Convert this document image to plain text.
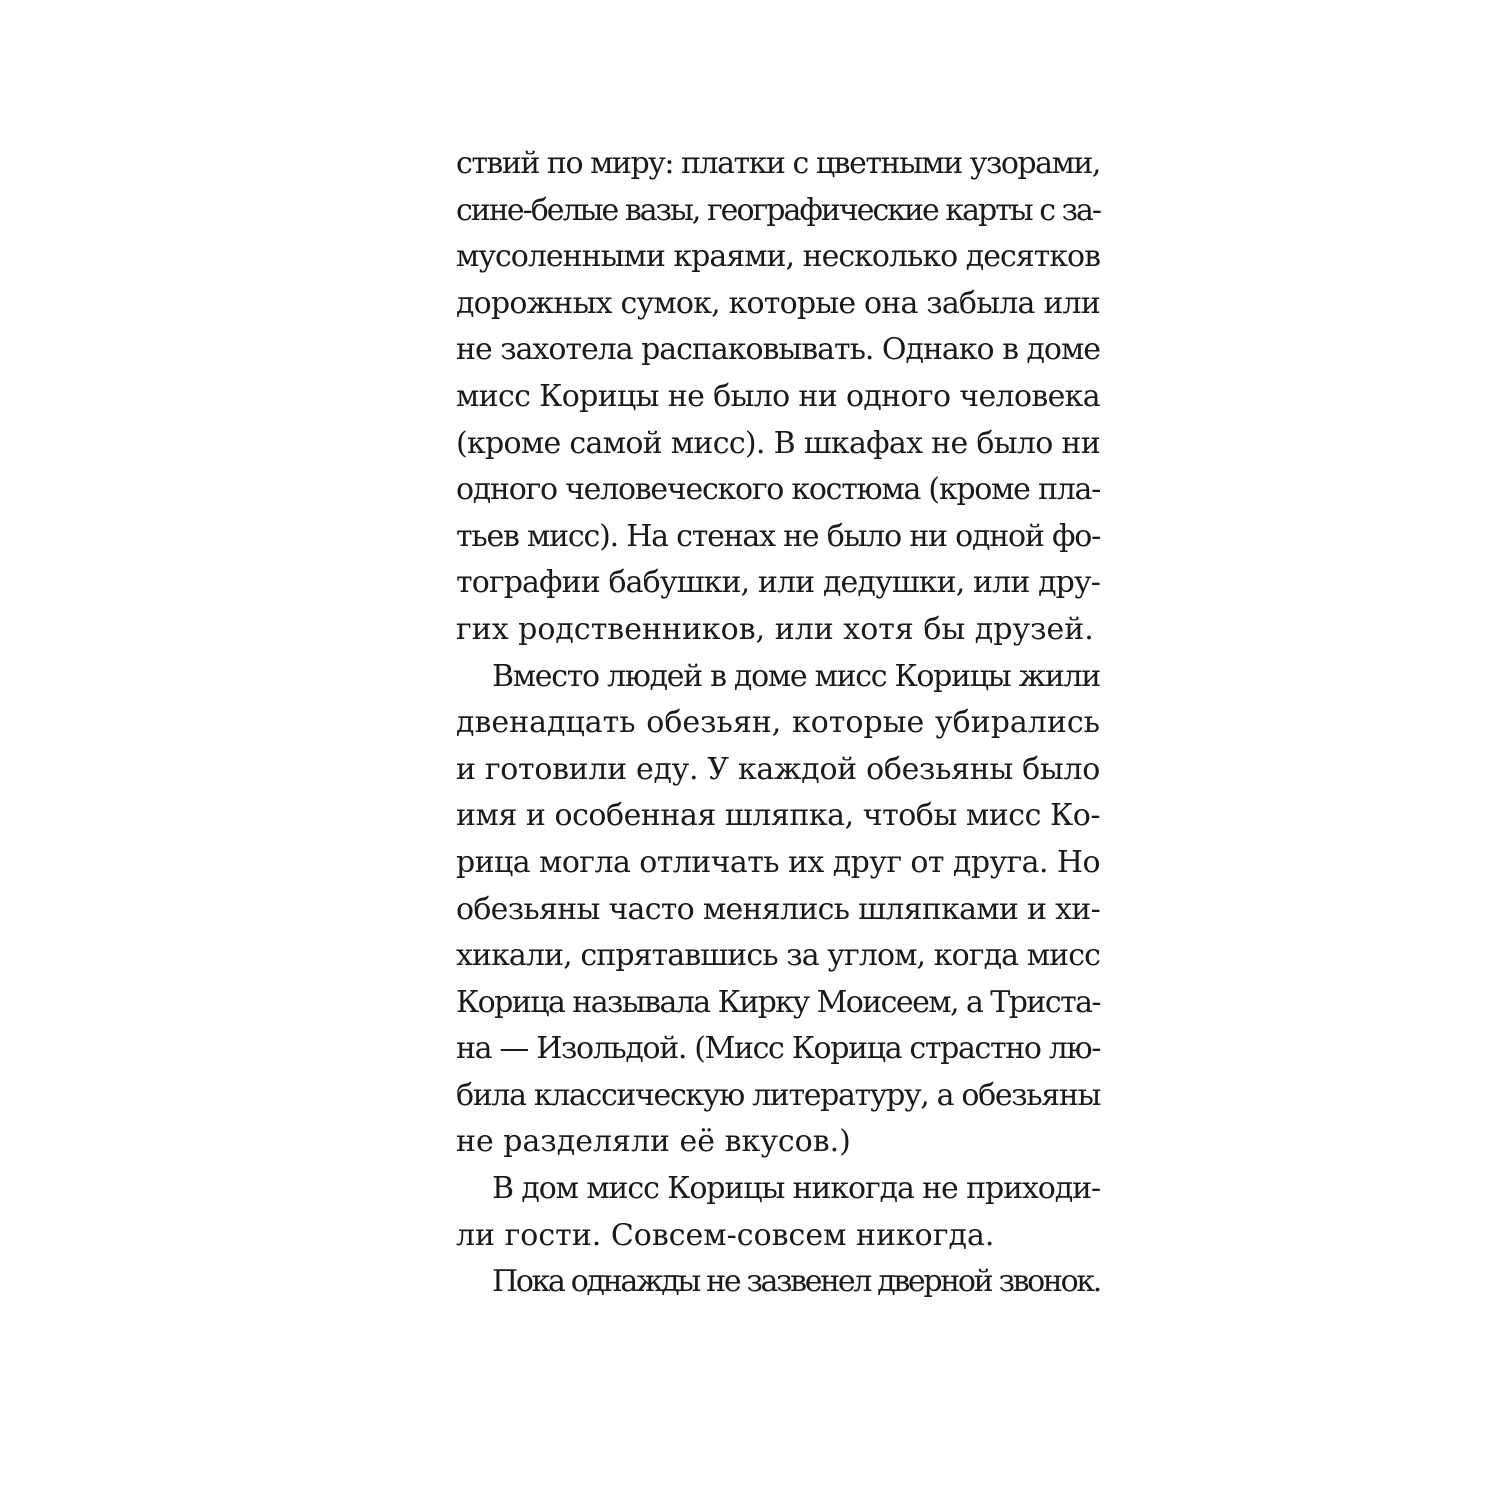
ствий по миру: платки с цветными узорами,
сине-белые вазы, географические карты с за-
мусоленными краями, несколько десятков
дорожных сумок, которые она забыла или
не захотела распаковывать. Однако в доме
мисс Корицы не было ни одного человека
(кроме самой мисс). В шкафах не было ни
одного человеческого костюма (кроме пла-
тьев мисс). На стенах не было ни одной фо-
тографии бабушки, или дедушки, или дру-
гих родственников, или хотя бы друзей.
Вместо людей в доме мисс Корицы жили
двенадцать обезьян, которые убирались
и готовили еду. У каждой обезьяны было
имя и особенная шляпка, чтобы мисс Ко-
рица могла отличать их друг от друга. Но
обезьяны часто менялись шляпками и хи-
хикали, спрятавшись за углом, когда мисс
Корица называла Кирку Моисеем, а Триста-
на — Изольдой. (Мисс Корица страстно лю-
била классическую литературу, а обезьяны
не разделяли её вкусов.)
В дом мисс Корицы никогда не приходи-
ли гости. Совсем-совсем никогда.
Пока однажды не зазвенел дверной звонок.
